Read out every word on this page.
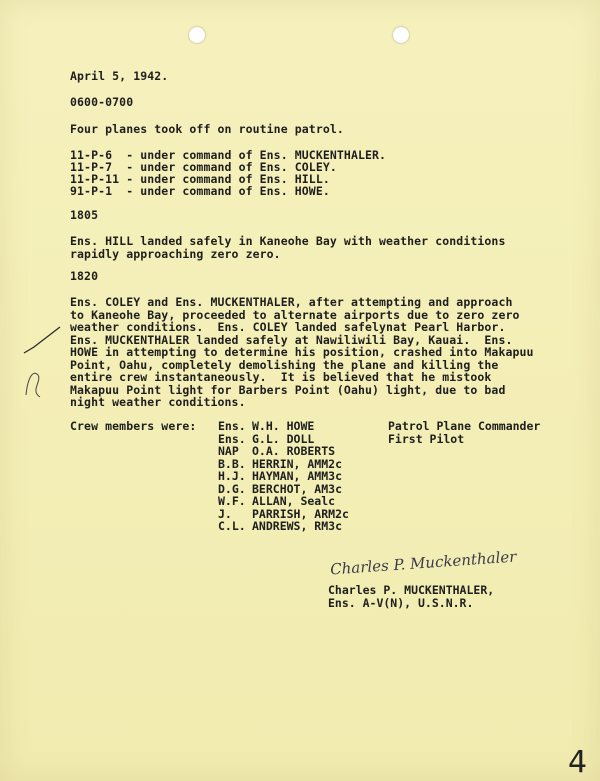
April 5, 1942.
0600-0700
Four planes took off on routine patrol.
11-P-6  - under command of Ens. MUCKENTHALER.
11-P-7  - under command of Ens. COLEY.
11-P-11 - under command of Ens. HILL.
91-P-1  - under command of Ens. HOWE.
1805
Ens. HILL landed safely in Kaneohe Bay with weather conditions
rapidly approaching zero zero.
1820
Ens. COLEY and Ens. MUCKENTHALER, after attempting and approach
to Kaneohe Bay, proceeded to alternate airports due to zero zero
weather conditions.  Ens. COLEY landed safelynat Pearl Harbor.
Ens. MUCKENTHALER landed safely at Nawiliwili Bay, Kauai.  Ens.
HOWE in attempting to determine his position, crashed into Makapuu
Point, Oahu, completely demolishing the plane and killing the
entire crew instantaneously.  It is believed that he mistook
Makapuu Point light for Barbers Point (Oahu) light, due to bad
night weather conditions.
Crew members were: Ens. W.H. HOWE	Patrol Plane Commander
Ens. G.L. DOLL	First Pilot
NAP O.A. ROBERTS
B.B. HERRIN, AMM2c
H.J. HAYMAN, AMM3c
D.G. BERCHOT, AM3c
W.F. ALLAN, Sealc
J. PARRISH, ARM2c
C.L. ANDREWS, RM3c
Charles P. Muckenthaler
Charles P. MUCKENTHALER,
Ens. A-V(N), U.S.N.R.
4
